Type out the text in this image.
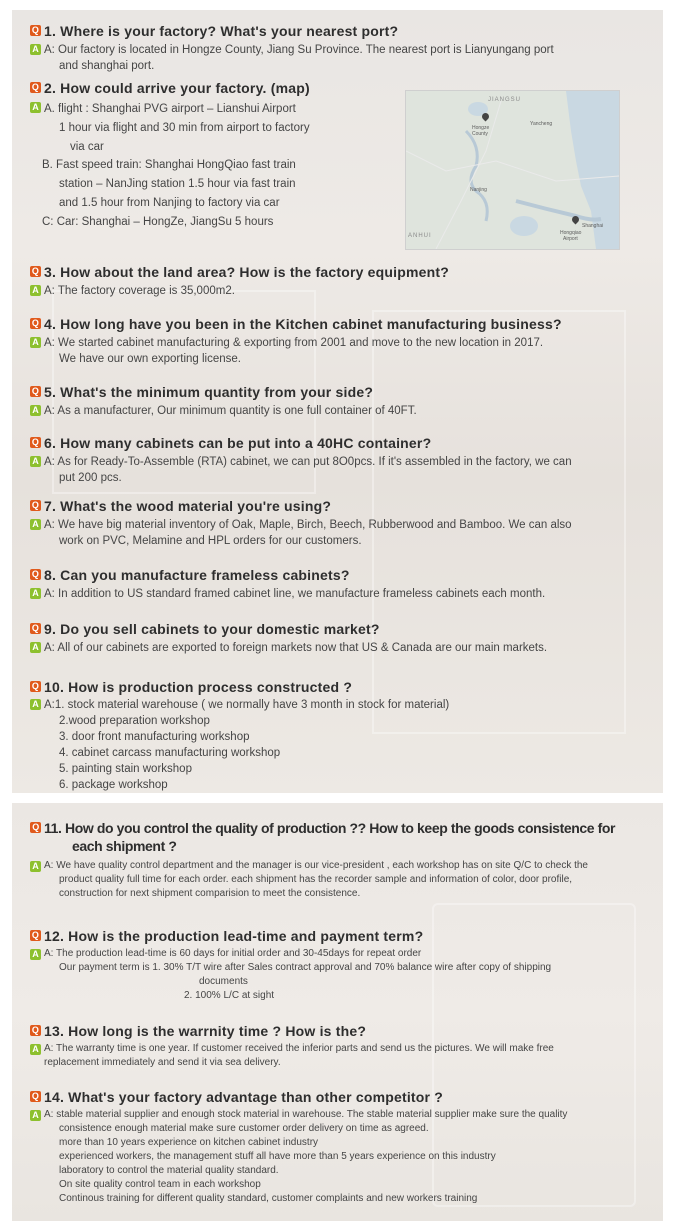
Q 1. Where is your factory? What's your nearest port?
A A: Our factory is located in Hongze County, Jiang Su Province. The nearest port is Lianyungang port
and shanghai port.
Q 2. How could arrive your factory. (map)
A A. flight : Shanghai PVG airport – Lianshui Airport
1 hour via flight and 30 min from airport to factory
via car
B. Fast speed train: Shanghai HongQiao fast train
station – NanJing station 1.5 hour via fast train
and 1.5 hour from Nanjing to factory via car
C: Car: Shanghai – HongZe, JiangSu 5 hours
JIANGSU
Hongze
County
Yancheng
Nanjing
ANHUI
Shanghai
Hongqiao
Airport
Q 3. How about the land area? How is the factory equipment?
A A: The factory coverage is 35,000m2.
Q 4. How long have you been in the Kitchen cabinet manufacturing business?
A A: We started cabinet manufacturing & exporting from 2001 and move to the new location in 2017.
We have our own exporting license.
Q 5. What's the minimum quantity from your side?
A A: As a manufacturer, Our minimum quantity is one full container of 40FT.
Q 6. How many cabinets can be put into a 40HC container?
A A: As for Ready-To-Assemble (RTA) cabinet, we can put 8O0pcs. If it's assembled in the factory, we can
put 200 pcs.
Q 7. What's the wood material you're using?
A A: We have big material inventory of Oak, Maple, Birch, Beech, Rubberwood and Bamboo. We can also
work on PVC, Melamine and HPL orders for our customers.
Q 8. Can you manufacture frameless cabinets?
A A: In addition to US standard framed cabinet line, we manufacture frameless cabinets each month.
Q 9. Do you sell cabinets to your domestic market?
A A: All of our cabinets are exported to foreign markets now that US & Canada are our main markets.
Q 10. How is production process constructed ?
A A:1. stock material warehouse ( we normally have 3 month in stock for material)
2.wood preparation workshop
3. door front manufacturing workshop
4. cabinet carcass manufacturing workshop
5. painting stain workshop
6. package workshop
Q 11. How do you control the quality of production ?? How to keep the goods consistence for
each shipment ?
A A: We have quality control department and the manager is our vice-president , each workshop has on site Q/C to check the
product quality full time for each order. each shipment has the recorder sample and information of color, door profile,
construction for next shipment comparision to meet the consistence.
Q 12. How is the production lead-time and payment term?
A A: The production lead-time is 60 days for initial order and 30-45days for repeat order
Our payment term is 1. 30% T/T wire after Sales contract approval and 70% balance wire after copy of shipping
documents
2. 100% L/C at sight
Q 13. How long is the warrnity time ? How is the?
A A: The warranty time is one year. If customer received the inferior parts and send us the pictures. We will make free
replacement immediately and send it via sea delivery.
Q 14. What's your factory advantage than other competitor ?
A A: stable material supplier and enough stock material in warehouse. The stable material supplier make sure the quality
consistence enough material make sure customer order delivery on time as agreed.
more than 10 years experience on kitchen cabinet industry
experienced workers, the management stuff all have more than 5 years experience on this industry
laboratory to control the material quality standard.
On site quality control team in each workshop
Continous training for different quality standard, customer complaints and new workers training
